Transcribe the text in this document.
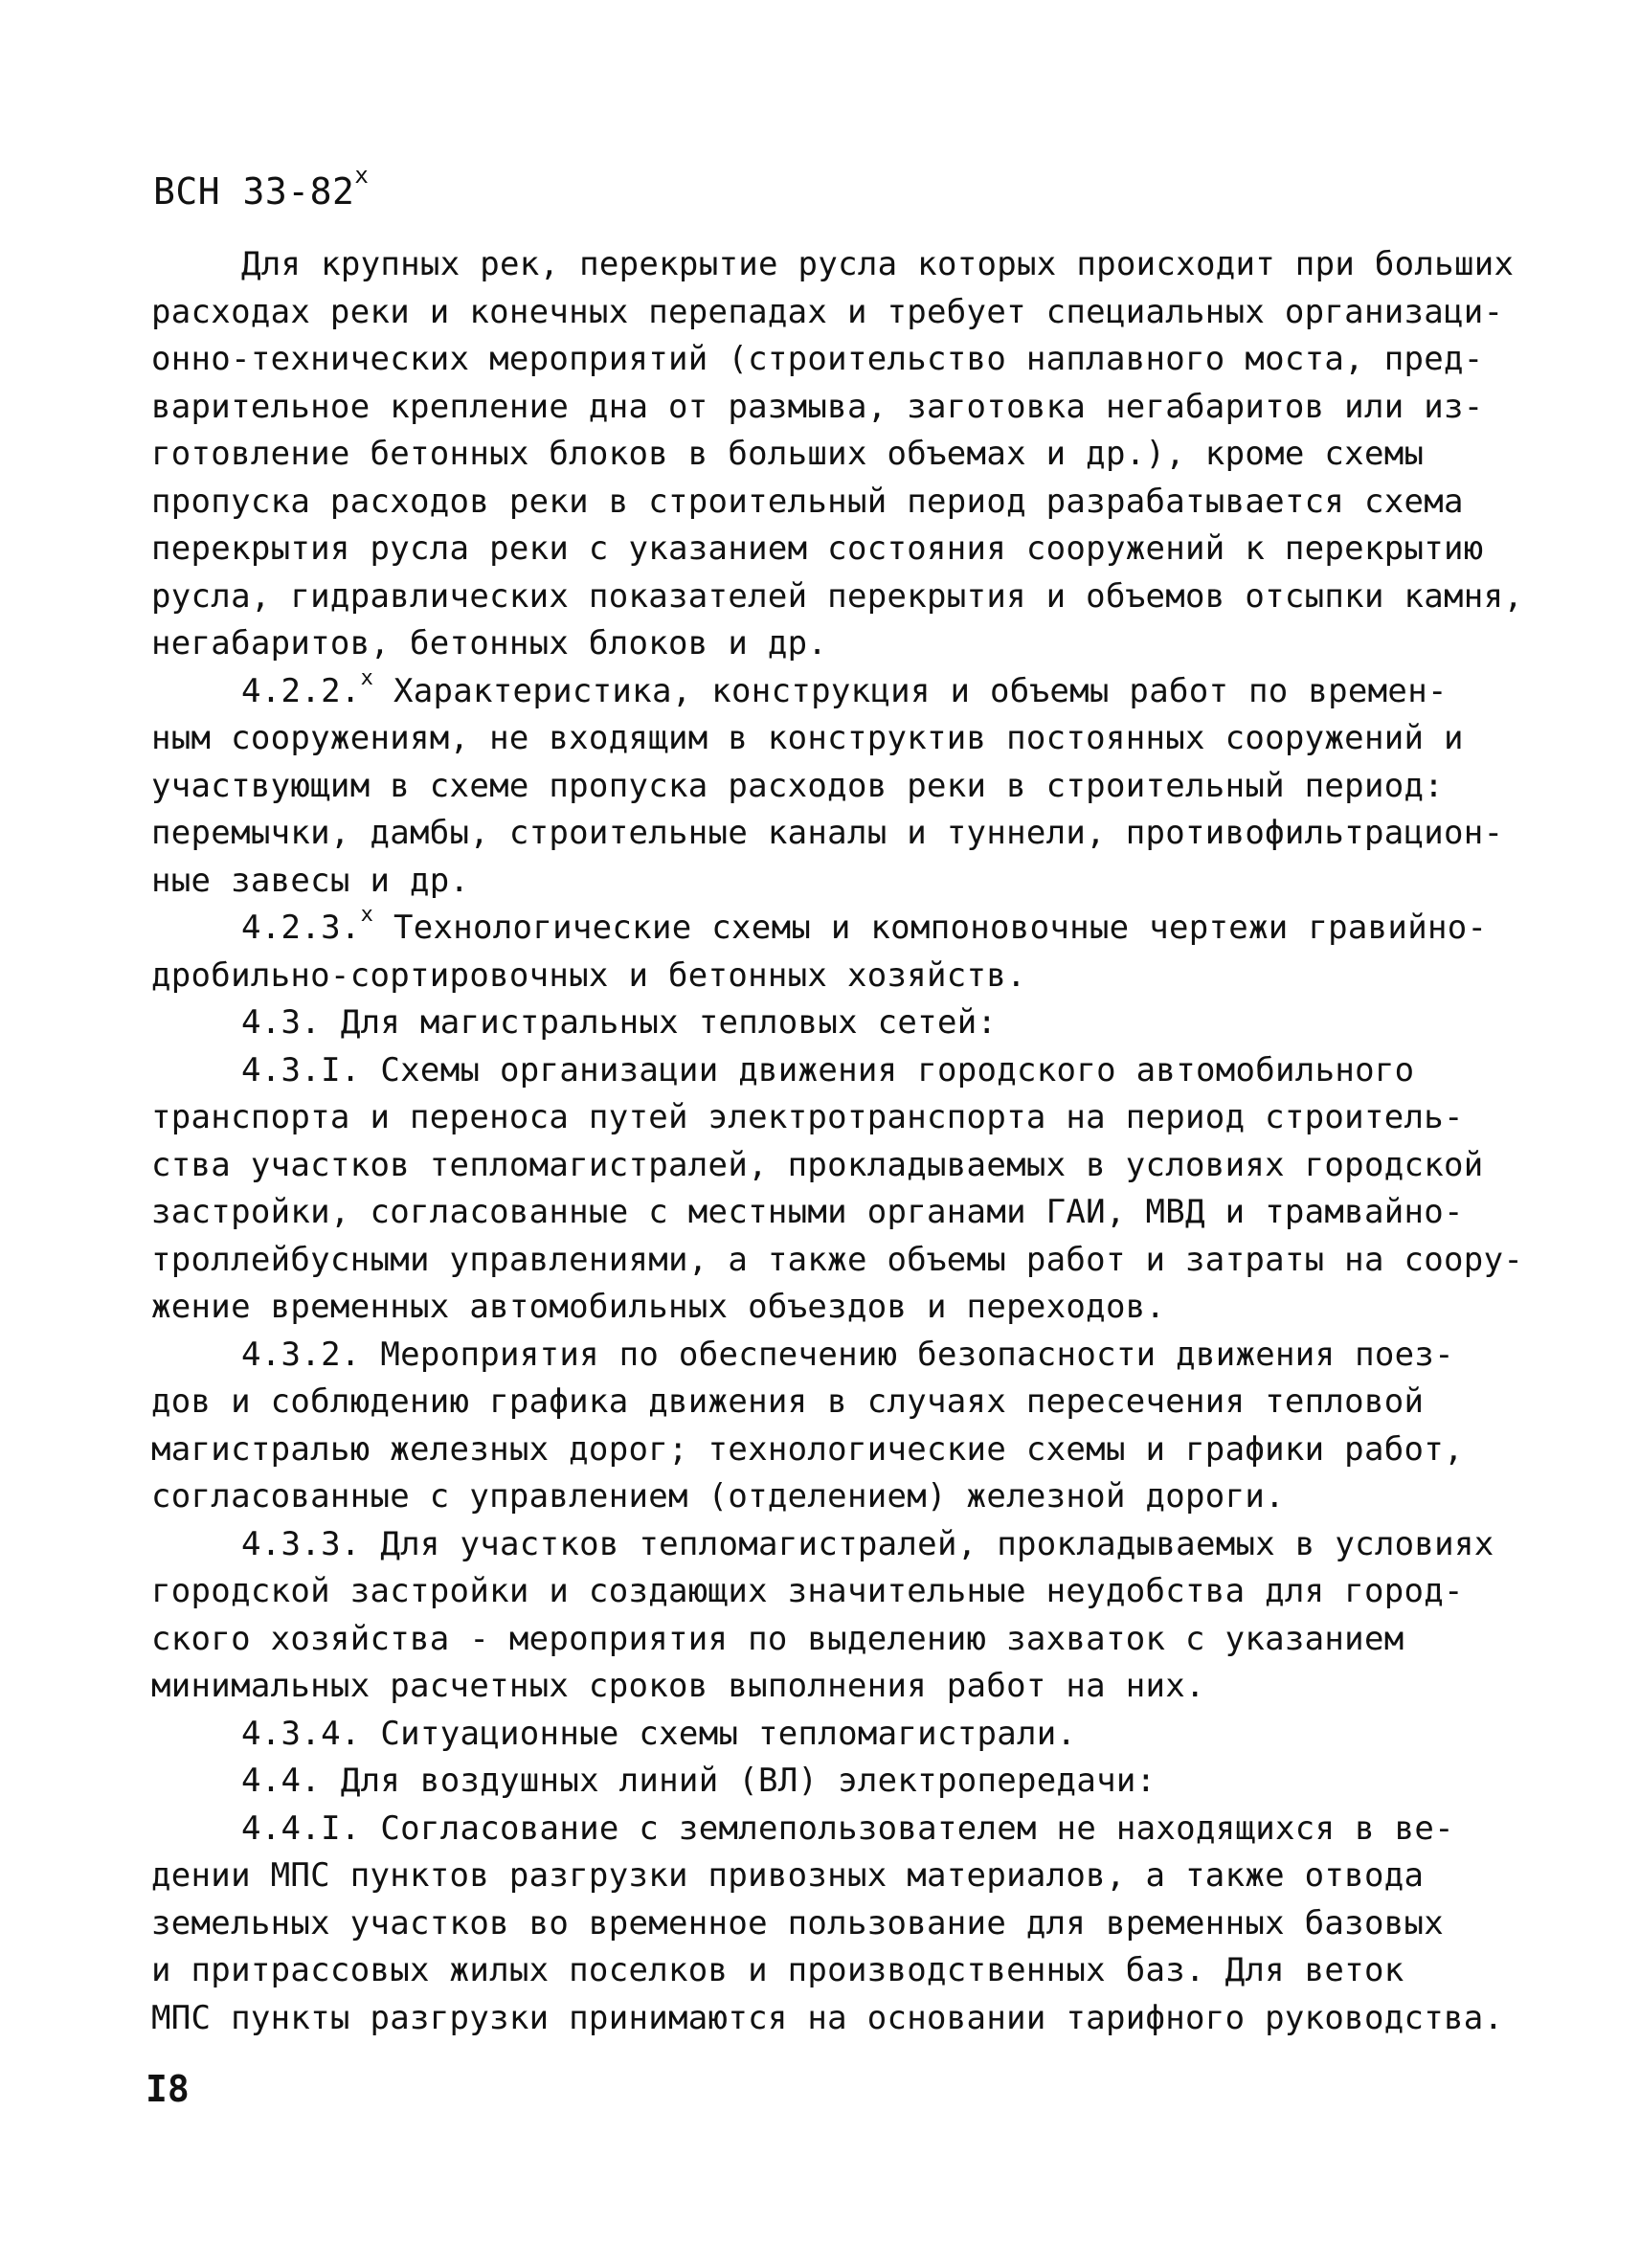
ВСН $33-82^х$
Для крупных рек, перекрытие русла которых происходит при больших
расходах реки и конечных перепадах и требует специальных организаци-
онно-технических мероприятий (строительство наплавного моста, пред-
варительное крепление дна от размыва, заготовка негабаритов или из-
готовление бетонных блоков в больших объемах и др.), кроме схемы
пропуска расходов реки в строительный период разрабатывается схема
перекрытия русла реки с указанием состояния сооружений к перекрытию
русла, гидравлических показателей перекрытия и объемов отсыпки камня,
негабаритов, бетонных блоков и др.
4.2.2.$^х$ Характеристика, конструкция и объемы работ по времен-
ным сооружениям, не входящим в конструктив постоянных сооружений и
участвующим в схеме пропуска расходов реки в строительный период:
перемычки, дамбы, строительные каналы и туннели, противофильтрацион-
ные завесы и др.
4.2.3.$^х$ Технологические схемы и компоновочные чертежи гравийно-
дробильно-сортировочных и бетонных хозяйств.
4.3. Для магистральных тепловых сетей:
4.3.I. Схемы организации движения городского автомобильного
транспорта и переноса путей электротранспорта на период строитель-
ства участков тепломагистралей, прокладываемых в условиях городской
застройки, согласованные с местными органами ГАИ, МВД и трамвайно-
троллейбусными управлениями, а также объемы работ и затраты на соору-
жение временных автомобильных объездов и переходов.
4.3.2. Мероприятия по обеспечению безопасности движения поез-
дов и соблюдению графика движения в случаях пересечения тепловой
магистралью железных дорог; технологические схемы и графики работ,
согласованные с управлением (отделением) железной дороги.
4.3.3. Для участков тепломагистралей, прокладываемых в условиях
городской застройки и создающих значительные неудобства для город-
ского хозяйства - мероприятия по выделению захваток с указанием
минимальных расчетных сроков выполнения работ на них.
4.3.4. Ситуационные схемы тепломагистрали.
4.4. Для воздушных линий (ВЛ) электропередачи:
4.4.I. Согласование с землепользователем не находящихся в ве-
дении МПС пунктов разгрузки привозных материалов, а также отвода
земельных участков во временное пользование для временных базовых
и притрассовых жилых поселков и производственных баз. Для веток
МПС пункты разгрузки принимаются на основании тарифного руководства.
I8
